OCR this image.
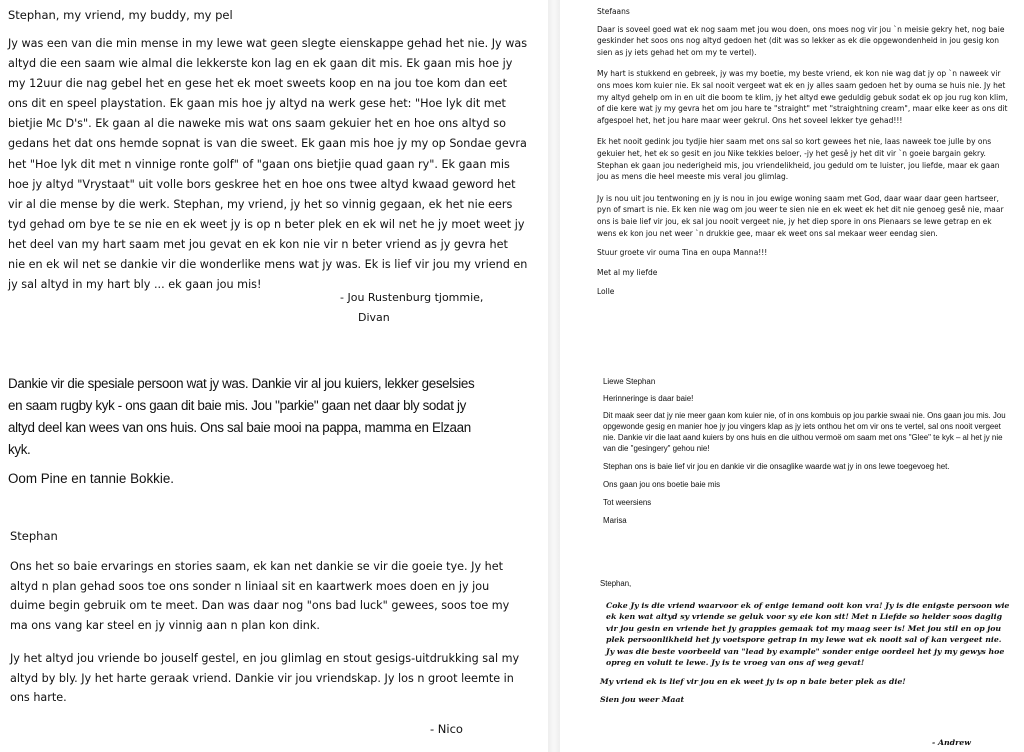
Stephan, my vriend, my buddy, my pel

Jy was een van die min mense in my lewe wat geen slegte eienskappe gehad het nie. Jy was altyd die een saam wie almal die lekkerste kon lag en ek gaan dit mis. Ek gaan mis hoe jy my 12uur die nag gebel het en gese het ek moet sweets koop en na jou toe kom dan eet ons dit en speel playstation. Ek gaan mis hoe jy altyd na werk gese het: "Hoe lyk dit met bietjie Mc D's". Ek gaan al die naweke mis wat ons saam gekuier het en hoe ons altyd so gedans het dat ons hemde sopnat is van die sweet. Ek gaan mis hoe jy my op Sondae gevra het "Hoe lyk dit met n vinnige ronte golf" of "gaan ons bietjie quad gaan ry". Ek gaan mis hoe jy altyd "Vrystaat" uit volle bors geskree het en hoe ons twee altyd kwaad geword het vir al die mense by die werk. Stephan, my vriend, jy het so vinnig gegaan, ek het nie eers tyd gehad om bye te se nie en ek weet jy is op n beter plek en ek wil net he jy moet weet jy het deel van my hart saam met jou gevat en ek kon nie vir n beter vriend as jy gevra het nie en ek wil net se dankie vir die wonderlike mens wat jy was. Ek is lief vir jou my vriend en jy sal altyd in my hart bly ... ek gaan jou mis!

- Jou Rustenburg tjommie,

Divan

Dankie vir die spesiale persoon wat jy was. Dankie vir al jou kuiers, lekker geselsies en saam rugby kyk - ons gaan dit baie mis. Jou "parkie" gaan net daar bly sodat jy altyd deel kan wees van ons huis. Ons sal baie mooi na pappa, mamma en Elzaan kyk.

Oom Pine en tannie Bokkie.

Stephan

Ons het so baie ervarings en stories saam, ek kan net dankie se vir die goeie tye. Jy het altyd n plan gehad soos toe ons sonder n liniaal sit en kaartwerk moes doen en jy jou duime begin gebruik om te meet. Dan was daar nog "ons bad luck" gewees, soos toe my ma ons vang kar steel en jy vinnig aan n plan kon dink.

Jy het altyd jou vriende bo jouself gestel, en jou glimlag en stout gesigs-uitdrukking sal my altyd by bly. Jy het harte geraak vriend. Dankie vir jou vriendskap. Jy los n groot leemte in ons harte.

- Nico

Stefaans

Daar is soveel goed wat ek nog saam met jou wou doen, ons moes nog vir jou `n meisie gekry het, nog baie geskinder het soos ons nog altyd gedoen het (dit was so lekker as ek die opgewondenheid in jou gesig kon sien as jy iets gehad het om my te vertel).

My hart is stukkend en gebreek, jy was my boetie, my beste vriend, ek kon nie wag dat jy op `n naweek vir ons moes kom kuier nie. Ek sal nooit vergeet wat ek en jy alles saam gedoen het by ouma se huis nie. Jy het my altyd gehelp om in en uit die boom te klim, jy het altyd ewe geduldig gebuk sodat ek op jou rug kon klim, of die kere wat jy my gevra het om jou hare te "straight" met "straightning cream", maar elke keer as ons dit afgespoel het, het jou hare maar weer gekrul. Ons het soveel lekker tye gehad!!!

Ek het nooit gedink jou tydjie hier saam met ons sal so kort gewees het nie, laas naweek toe julle by ons gekuier het, het ek so gesit en jou Nike tekkies beloer, -jy het gesê jy het dit vir `n goeie bargain gekry. Stephan ek gaan jou nederigheid mis, jou vriendelikheid, jou geduld om te luister, jou liefde, maar ek gaan jou as mens die heel meeste mis veral jou glimlag.

Jy is nou uit jou tentwoning en jy is nou in jou ewige woning saam met God, daar waar daar geen hartseer, pyn of smart is nie. Ek ken nie wag om jou weer te sien nie en ek weet ek het dit nie genoeg gesê nie, maar ons is baie lief vir jou, ek sal jou nooit vergeet nie, jy het diep spore in ons Pienaars se lewe getrap en ek wens ek kon jou net weer `n drukkie gee, maar ek weet ons sal mekaar weer eendag sien.

Stuur groete vir ouma Tina en oupa Manna!!!

Met al my liefde

Lolle

Liewe Stephan

Herinneringe is daar baie!

Dit maak seer dat jy nie meer gaan kom kuier nie, of in ons kombuis op jou parkie swaai nie. Ons gaan jou mis. Jou opgewonde gesig en manier hoe jy jou vingers klap as jy iets onthou het om vir ons te vertel, sal ons nooit vergeet nie. Dankie vir die laat aand kuiers by ons huis en die uithou vermoë om saam met ons "Glee" te kyk – al het jy nie van die "gesingery" gehou nie!

Stephan ons is baie lief vir jou en dankie vir die onsaglike waarde wat jy in ons lewe toegevoeg het.

Ons gaan jou ons boetie baie mis

Tot weersiens

Marisa

Stephan,

Coke Jy is die vriend waarvoor ek of enige iemand ooit kon vra! Jy is die enigste persoon wie ek ken wat altyd sy vriende se geluk voor sy eie kon sit! Met n Liefde so helder soos daglig vir jou gesin en vriende het jy grappies gemaak tot my maag seer is! Met jou stil en op jou plek persoonlikheid het jy voetspore getrap in my lewe wat ek nooit sal of kan vergeet nie. Jy was die beste voorbeeld van "lead by example" sonder enige oordeel het jy my gewys hoe opreg en voluit te lewe. Jy is te vroeg van ons af weg gevat!

My vriend ek is lief vir jou en ek weet jy is op n baie beter plek as die!

Sien jou weer Maat

- Andrew
